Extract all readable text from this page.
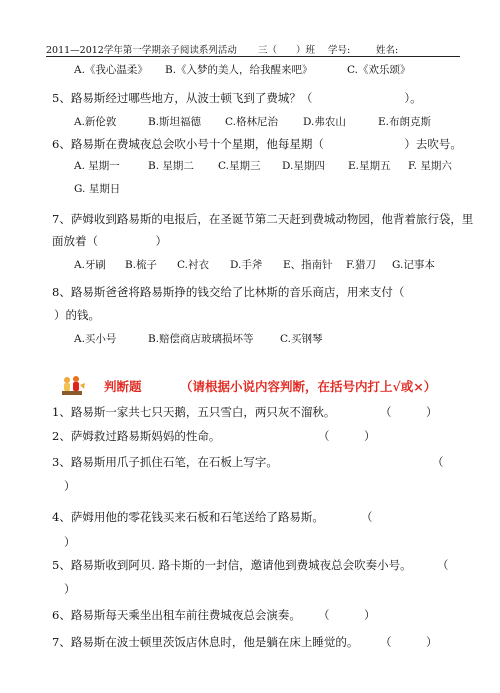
2011—2012学年第一学期亲子阅读系列活动 三（　　）班 学号:	姓名:
A.《我心温柔》 B.《入梦的美人，给我醒来吧》	C.《欢乐颂》
5、路易斯经过哪些地方，从波士顿飞到了费城？（　　　　　　　　）。
A.新伦敦	B.斯坦福德 C.格林尼治 D.弗农山	E.布朗克斯
6、路易斯在费城夜总会吹小号十个星期，他每星期（　　　　　　　）去吹号。
A. 星期一	B. 星期二 C.星期三 D.星期四 E.星期五 F. 星期六
G. 星期日
7、萨姆收到路易斯的电报后，在圣诞节第二天赶到费城动物园，他背着旅行袋，里
面放着（　　　　　）
A.牙刷 B.梳子 C.衬衣 D.手斧 E、指南针 F.猎刀 G.记事本
8、路易斯爸爸将路易斯挣的钱交给了比林斯的音乐商店，用来支付（
）的钱。
A.买小号	B.赔偿商店玻璃损坏等	C.买钢琴
判断题	（请根据小说内容判断，在括号内打上√或×）
1、路易斯一家共七只天鹅，五只雪白，两只灰不溜秋。	（　　　）
2、萨姆救过路易斯妈妈的性命。	（　　　）
3、路易斯用爪子抓住石笔，在石板上写字。	（
）
4、萨姆用他的零花钱买来石板和石笔送给了路易斯。	（
）
5、路易斯收到阿贝. 路卡斯的一封信，邀请他到费城夜总会吹奏小号。 （
）
6、路易斯每天乘坐出租车前往费城夜总会演奏。 （　　　）
7、路易斯在波士顿里茨饭店休息时，他是躺在床上睡觉的。 （　　　）
